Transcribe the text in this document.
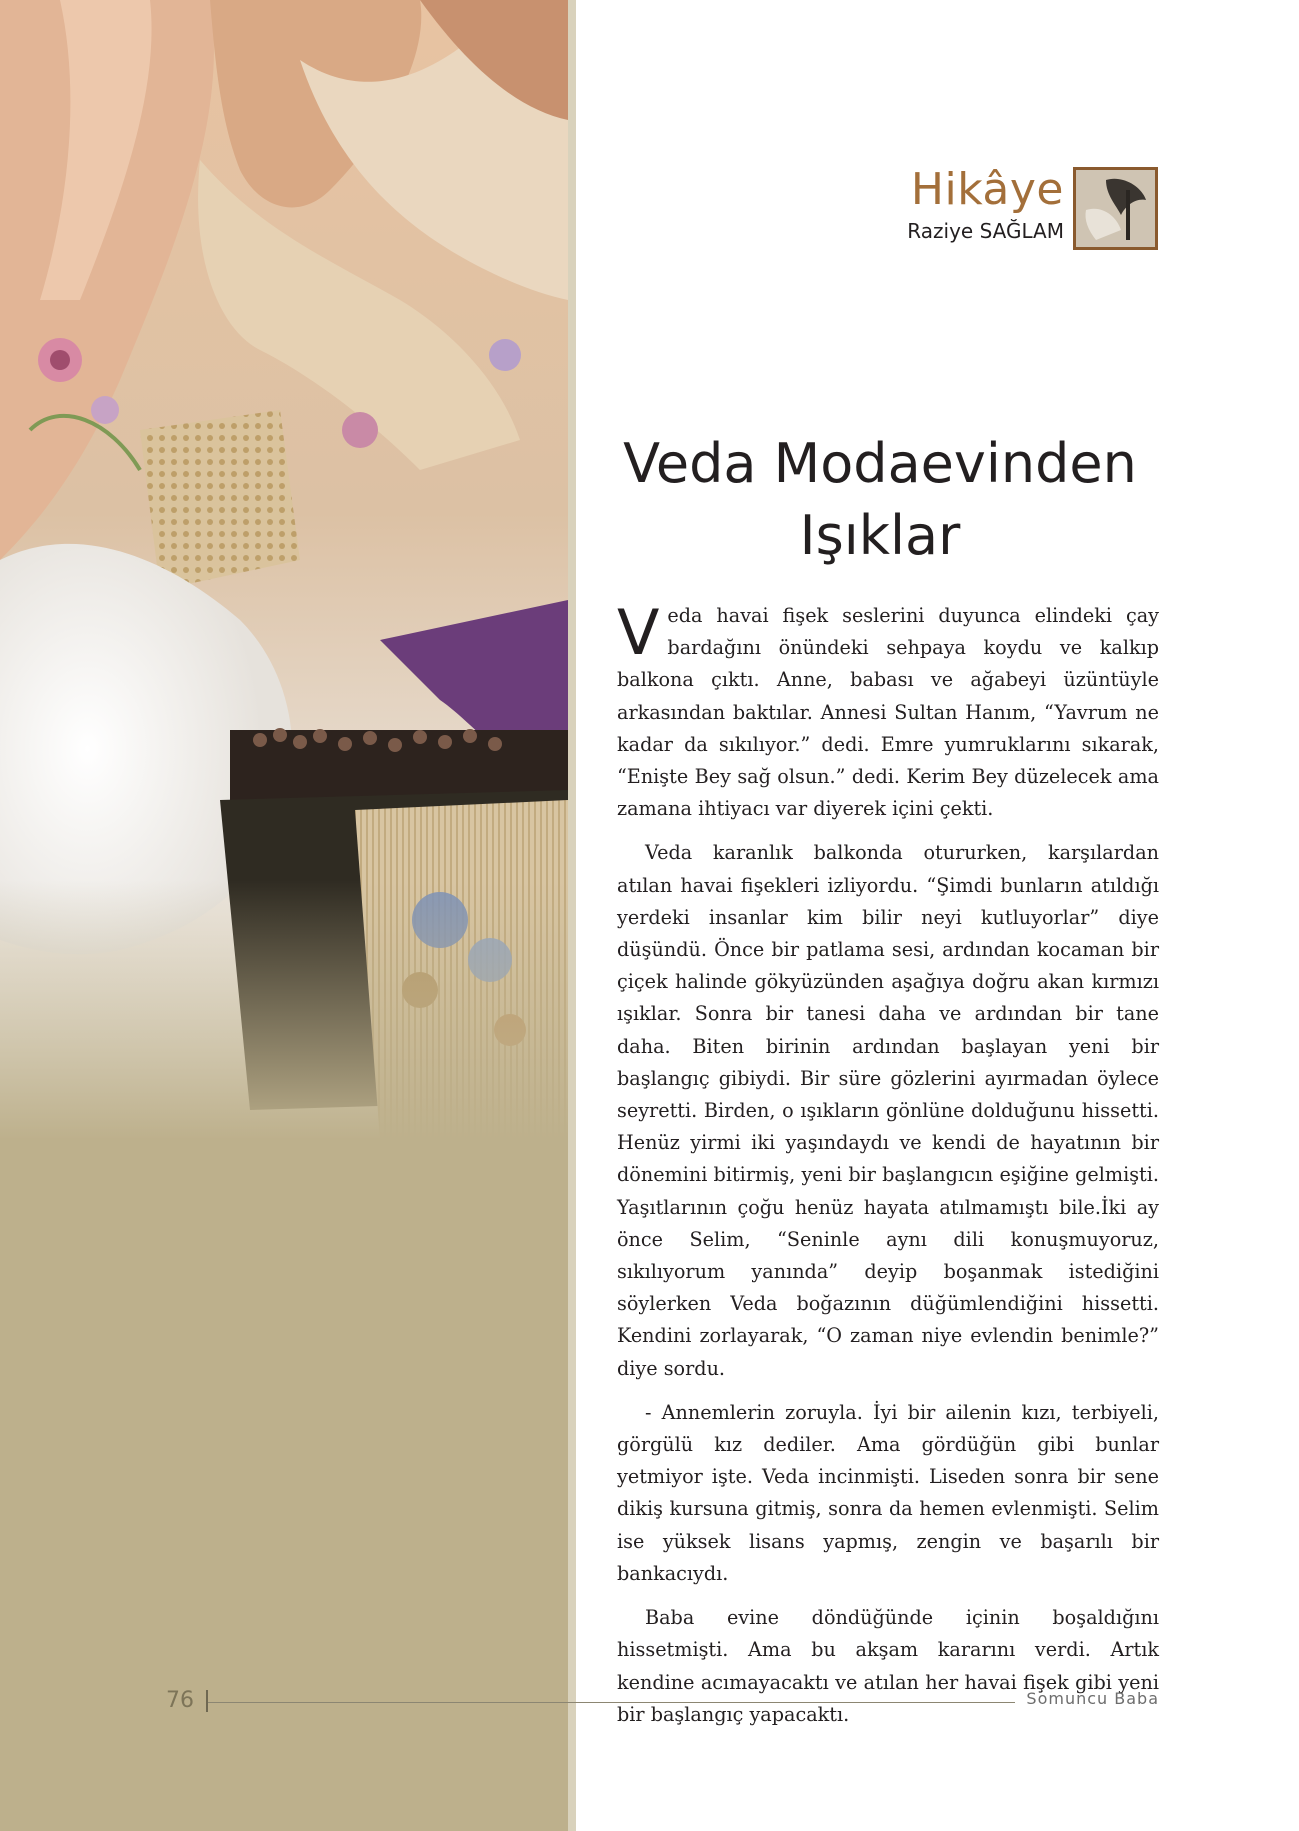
Hikâye
Raziye SAĞLAM
Veda Modaevinden
Işıklar

Veda havai fişek seslerini duyunca elindeki çay bardağını önündeki sehpaya koydu ve kalkıp balkona çıktı. Anne, babası ve ağabeyi üzüntüyle arkasından baktılar. Annesi Sultan Hanım, “Yavrum ne kadar da sıkılıyor.” dedi. Emre yumruklarını sıkarak, “Enişte Bey sağ olsun.” dedi. Kerim Bey düzelecek ama zamana ihtiyacı var diyerek içini çekti.

Veda karanlık balkonda otururken, karşılardan atılan havai fişekleri izliyordu. “Şimdi bunların atıldığı yerdeki insanlar kim bilir neyi kutluyorlar” diye düşündü. Önce bir patlama sesi, ardından kocaman bir çiçek halinde gökyüzünden aşağıya doğru akan kırmızı ışıklar. Sonra bir tanesi daha ve ardından bir tane daha. Biten birinin ardından başlayan yeni bir başlangıç gibiydi. Bir süre gözlerini ayırmadan öylece seyretti. Birden, o ışıkların gönlüne dolduğunu hissetti. Henüz yirmi iki yaşındaydı ve kendi de hayatının bir dönemini bitirmiş, yeni bir başlangıcın eşiğine gelmişti. Yaşıtlarının çoğu henüz hayata atılmamıştı bile.İki ay önce Selim, “Seninle aynı dili konuşmuyoruz, sıkılıyorum yanında” deyip boşanmak istediğini söylerken Veda boğazının düğümlendiğini hissetti. Kendini zorlayarak, “O zaman niye evlendin benimle?” diye sordu.

- Annemlerin zoruyla. İyi bir ailenin kızı, terbiyeli, görgülü kız dediler. Ama gördüğün gibi bunlar yetmiyor işte. Veda incinmişti. Liseden sonra bir sene dikiş kursuna gitmiş, sonra da hemen evlenmişti. Selim ise yüksek lisans yapmış, zengin ve başarılı bir bankacıydı.

Baba evine döndüğünde içinin boşaldığını hissetmişti. Ama bu akşam kararını verdi. Artık kendine acımayacaktı ve atılan her havai fişek gibi yeni bir başlangıç yapacaktı.

76	Somuncu Baba
